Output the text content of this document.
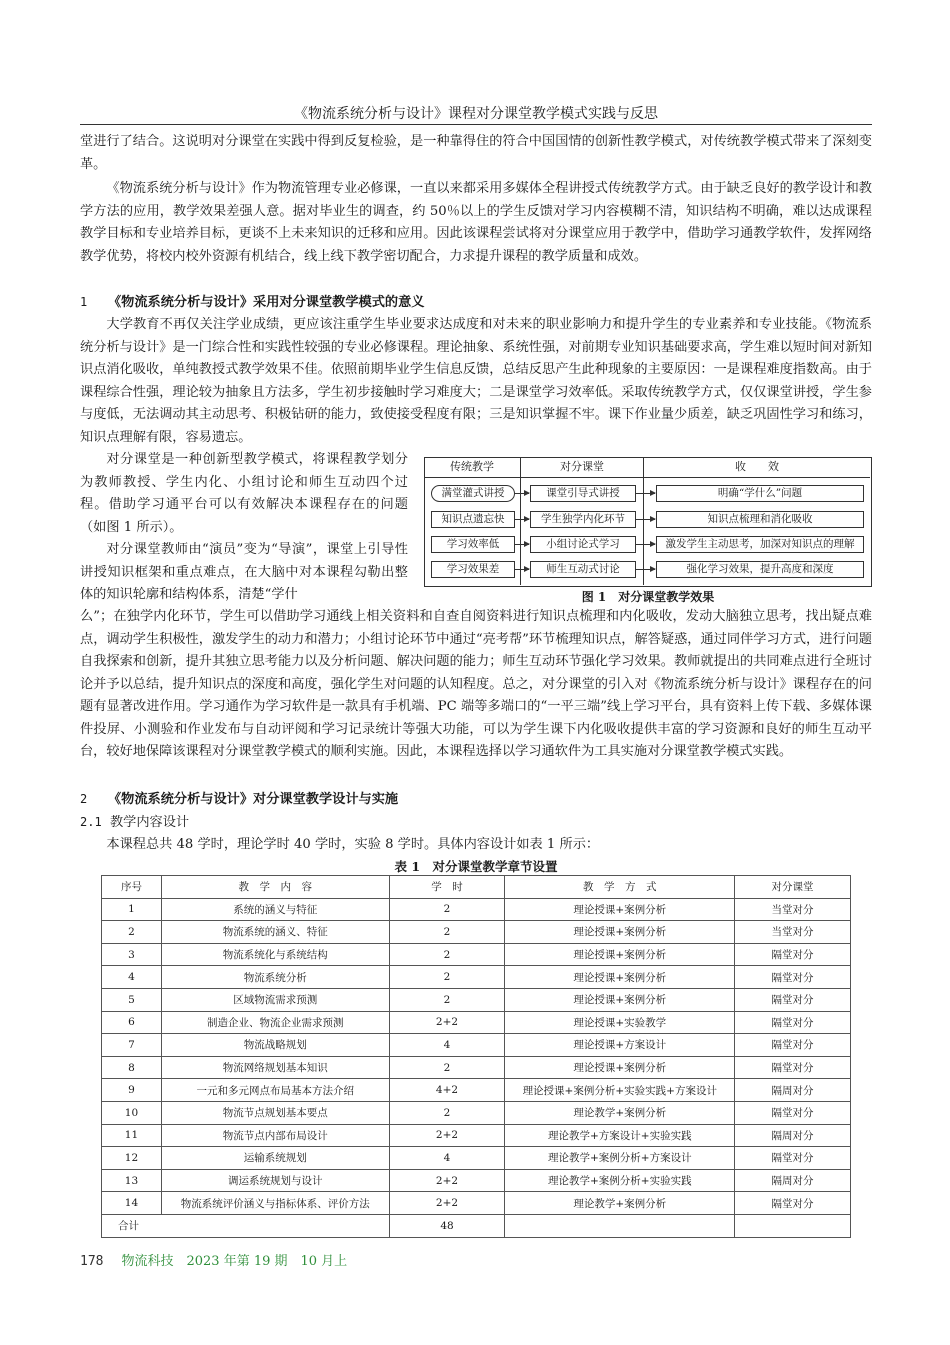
《物流系统分析与设计》课程对分课堂教学模式实践与反思

堂进行了结合。这说明对分课堂在实践中得到反复检验，是一种靠得住的符合中国国情的创新性教学模式，对传统教学模式带来了深刻变革。

《物流系统分析与设计》作为物流管理专业必修课，一直以来都采用多媒体全程讲授式传统教学方式。由于缺乏良好的教学设计和教学方法的应用，教学效果差强人意。据对毕业生的调查，约 50％以上的学生反馈对学习内容模糊不清，知识结构不明确，难以达成课程教学目标和专业培养目标，更谈不上未来知识的迁移和应用。因此该课程尝试将对分课堂应用于教学中，借助学习通教学软件，发挥网络教学优势，将校内校外资源有机结合，线上线下教学密切配合，力求提升课程的教学质量和成效。

1 《物流系统分析与设计》采用对分课堂教学模式的意义

大学教育不再仅关注学业成绩，更应该注重学生毕业要求达成度和对未来的职业影响力和提升学生的专业素养和专业技能。《物流系统分析与设计》是一门综合性和实践性较强的专业必修课程。理论抽象、系统性强，对前期专业知识基础要求高，学生难以短时间对新知识点消化吸收，单纯教授式教学效果不佳。依照前期毕业学生信息反馈，总结反思产生此种现象的主要原因：一是课程难度指数高。由于课程综合性强，理论较为抽象且方法多，学生初步接触时学习难度大；二是课堂学习效率低。采取传统教学方式，仅仅课堂讲授，学生参与度低，无法调动其主动思考、积极钻研的能力，致使接受程度有限；三是知识掌握不牢。课下作业量少质差，缺乏巩固性学习和练习，知识点理解有限，容易遗忘。

对分课堂是一种创新型教学模式，将课程教学划分为教师教授、学生内化、小组讨论和师生互动四个过程。借助学习通平台可以有效解决本课程存在的问题（如图 1 所示）。

对分课堂教师由“演员”变为“导演”，课堂上引导性讲授知识框架和重点难点，在大脑中对本课程勾勒出整体的知识轮廓和结构体系，清楚“学什

么”；在独学内化环节，学生可以借助学习通线上相关资料和自查自阅资料进行知识点梳理和内化吸收，发动大脑独立思考，找出疑点难点，调动学生积极性，激发学生的动力和潜力；小组讨论环节中通过“亮考帮”环节梳理知识点，解答疑惑，通过同伴学习方式，进行问题自我探索和创新，提升其独立思考能力以及分析问题、解决问题的能力；师生互动环节强化学习效果。教师就提出的共同难点进行全班讨论并予以总结，提升知识点的深度和高度，强化学生对问题的认知程度。总之，对分课堂的引入对《物流系统分析与设计》课程存在的问题有显著改进作用。学习通作为学习软件是一款具有手机端、PC 端等多端口的“一平三端”线上学习平台，具有资料上传下载、多媒体课件投屏、小测验和作业发布与自动评阅和学习记录统计等强大功能，可以为学生课下内化吸收提供丰富的学习资源和良好的师生互动平台，较好地保障该课程对分课堂教学模式的顺利实施。因此，本课程选择以学习通软件为工具实施对分课堂教学模式实践。

传统教学	对分课堂	收　　效
满堂灌式讲授	课堂引导式讲授	明确“学什么”问题
知识点遗忘快	学生独学内化环节	知识点梳理和消化吸收
学习效率低	小组讨论式学习	激发学生主动思考，加深对知识点的理解
学习效果差	师生互动式讨论	强化学习效果，提升高度和深度
图 1　对分课堂教学效果
2 《物流系统分析与设计》对分课堂教学设计与实施
2.1 教学内容设计

本课程总共 48 学时，理论学时 40 学时，实验 8 学时。具体内容设计如表 1 所示：

表 1　对分课堂教学章节设置
序号	教　学　内　容	学　时	教　学　方　式	对分课堂
1	系统的涵义与特征	2	理论授课+案例分析	当堂对分
2	物流系统的涵义、特征	2	理论授课+案例分析	当堂对分
3	物流系统化与系统结构	2	理论授课+案例分析	隔堂对分
4	物流系统分析	2	理论授课+案例分析	隔堂对分
5	区域物流需求预测	2	理论授课+案例分析	隔堂对分
6	制造企业、物流企业需求预测	2+2	理论授课+实验教学	隔堂对分
7	物流战略规划	4	理论授课+方案设计	隔堂对分
8	物流网络规划基本知识	2	理论授课+案例分析	隔堂对分
9	一元和多元网点布局基本方法介绍	4+2	理论授课+案例分析+实验实践+方案设计	隔周对分
10	物流节点规划基本要点	2	理论教学+案例分析	隔堂对分
11	物流节点内部布局设计	2+2	理论教学+方案设计+实验实践	隔周对分
12	运输系统规划	4	理论教学+案例分析+方案设计	隔堂对分
13	调运系统规划与设计	2+2	理论教学+案例分析+实验实践	隔周对分
14	物流系统评价涵义与指标体系、评价方法	2+2	理论教学+案例分析	隔堂对分
合计		48		
178 物流科技　2023 年第 19 期　10 月上
